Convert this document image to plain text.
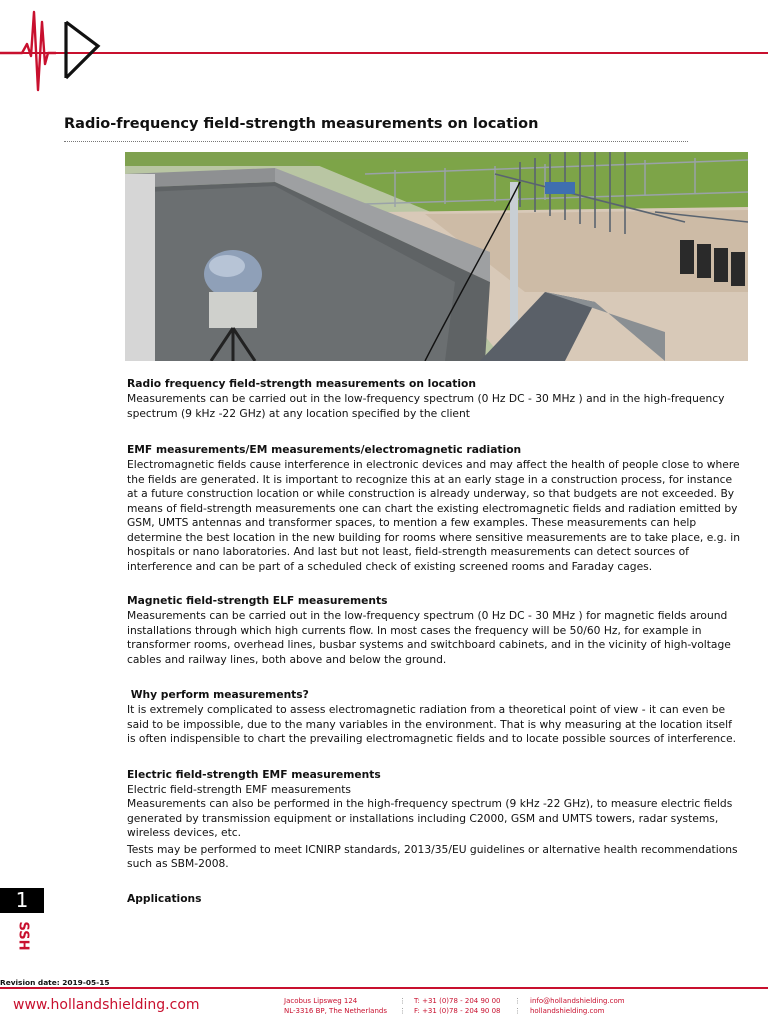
Radio-frequency field-strength measurements on location
Radio frequency field-strength measurements on location

Measurements can be carried out in the low-frequency spectrum (0 Hz DC - 30 MHz ) and in the high-frequency spectrum (9 kHz -22 GHz) at any location specified by the client

EMF measurements/EM measurements/electromagnetic radiation

Electromagnetic fields cause interference in electronic devices and may affect the health of people close to where the fields are generated. It is important to recognize this at an early stage in a construction process, for instance at a future construction location or while construction is already underway, so that budgets are not exceeded. By means of field-strength measurements one can chart the existing electromagnetic fields and radiation emitted by GSM, UMTS antennas and transformer spaces, to mention a few examples. These measurements can help determine the best location in the new building for rooms where sensitive measurements are to take place, e.g. in hospitals or nano laboratories. And last but not least, field-strength measurements can detect sources of interference and can be part of a scheduled check of existing screened rooms and Faraday cages.

Magnetic field-strength ELF measurements

Measurements can be carried out in the low-frequency spectrum (0 Hz DC - 30 MHz ) for magnetic fields around installations through which high currents flow. In most cases the frequency will be 50/60 Hz, for example in transformer rooms, overhead lines, busbar systems and switchboard cabinets, and in the vicinity of high-voltage cables and railway lines, both above and below the ground.

Why perform measurements?

It is extremely complicated to assess electromagnetic radiation from a theoretical point of view - it can even be said to be impossible, due to the many variables in the environment. That is why measuring at the location itself is often indispensible to chart the prevailing electromagnetic fields and to locate possible sources of interference.

Electric field-strength EMF measurements

Electric field-strength EMF measurements

Measurements can also be performed in the high-frequency spectrum (9 kHz -22 GHz), to measure electric fields generated by transmission equipment or installations including C2000, GSM and UMTS towers, radar systems, wireless devices, etc.

Tests may be performed to meet ICNIRP standards, 2013/35/EU guidelines or alternative health recommendations such as SBM-2008.

Applications
1
SSH
Revision date: 2019-05-15
www.hollandshielding.com	Jacobus Lipsweg 124
NL-3316 BP, The Netherlands
⋮
⋮
T: +31 (0)78 - 204 90 00
F: +31 (0)78 - 204 90 08
⋮
⋮
info@hollandshielding.com
hollandshielding.com
